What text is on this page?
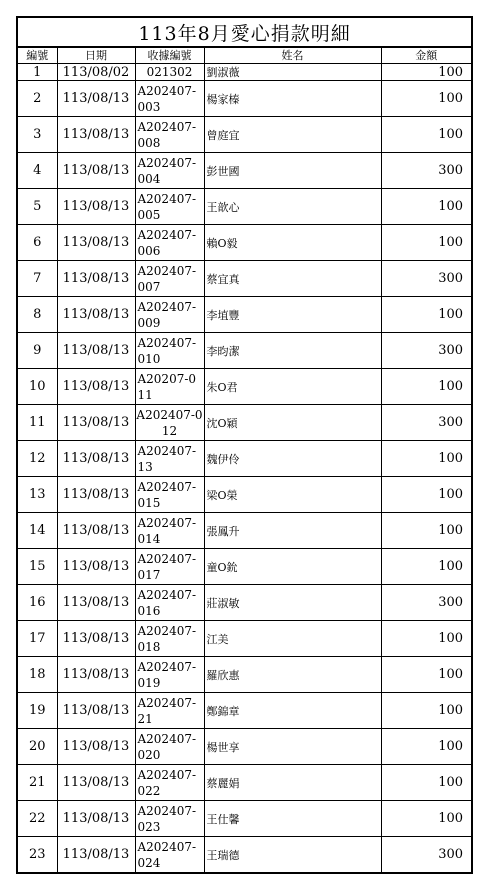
113年8月愛心捐款明細				
編號	日期	收據編號	姓名	金額
1	113/08/02	021302	劉淑薇	100
2	113/08/13	A202407-003	楊家榛	100
3	113/08/13	A202407-008	曾庭宜	100
4	113/08/13	A202407-004	彭世國	300
5	113/08/13	A202407-005	王歆心	100
6	113/08/13	A202407-006	賴O毅	100
7	113/08/13	A202407-007	蔡宜真	300
8	113/08/13	A202407-009	李埴豐	100
9	113/08/13	A202407-010	李昀潔	300
10	113/08/13	A20207-011	朱O君	100
11	113/08/13	A202407-012	沈O穎	300
12	113/08/13	A202407-13	魏伊伶	100
13	113/08/13	A202407-015	梁O榮	100
14	113/08/13	A202407-014	張鳳升	100
15	113/08/13	A202407-017	童O鈗	100
16	113/08/13	A202407-016	莊淑敏	300
17	113/08/13	A202407-018	江美	100
18	113/08/13	A202407-019	羅欣惠	100
19	113/08/13	A202407-21	鄭錦章	100
20	113/08/13	A202407-020	楊世享	100
21	113/08/13	A202407-022	蔡麗娟	100
22	113/08/13	A202407-023	王仕馨	100
23	113/08/13	A202407-024	王瑞德	300
